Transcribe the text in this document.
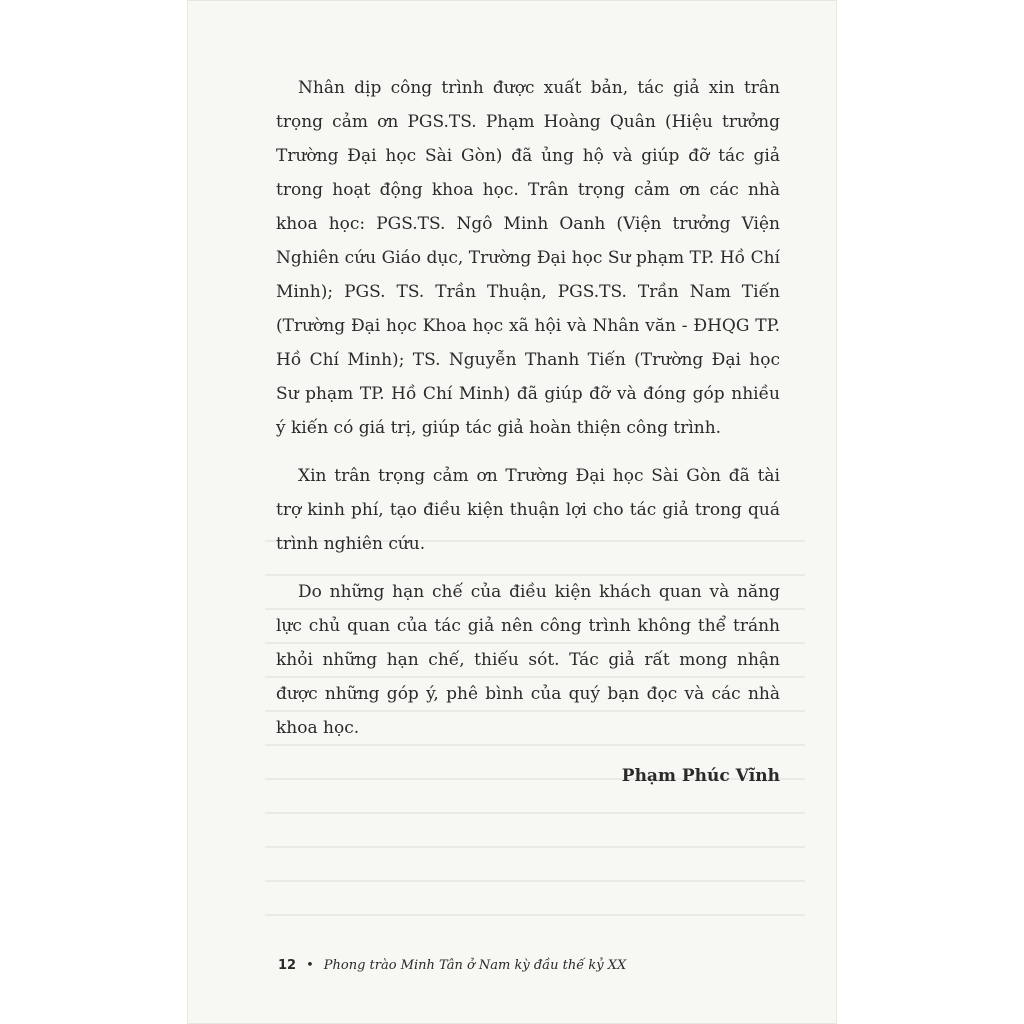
Nhân dịp công trình được xuất bản, tác giả xin trân trọng cảm ơn PGS.TS. Phạm Hoàng Quân (Hiệu trưởng Trường Đại học Sài Gòn) đã ủng hộ và giúp đỡ tác giả trong hoạt động khoa học. Trân trọng cảm ơn các nhà khoa học: PGS.TS. Ngô Minh Oanh (Viện trưởng Viện Nghiên cứu Giáo dục, Trường Đại học Sư phạm TP. Hồ Chí Minh); PGS. TS. Trần Thuận, PGS.TS. Trần Nam Tiến (Trường Đại học Khoa học xã hội và Nhân văn - ĐHQG TP. Hồ Chí Minh); TS. Nguyễn Thanh Tiến (Trường Đại học Sư phạm TP. Hồ Chí Minh) đã giúp đỡ và đóng góp nhiều ý kiến có giá trị, giúp tác giả hoàn thiện công trình.

Xin trân trọng cảm ơn Trường Đại học Sài Gòn đã tài trợ kinh phí, tạo điều kiện thuận lợi cho tác giả trong quá trình nghiên cứu.

Do những hạn chế của điều kiện khách quan và năng lực chủ quan của tác giả nên công trình không thể tránh khỏi những hạn chế, thiếu sót. Tác giả rất mong nhận được những góp ý, phê bình của quý bạn đọc và các nhà khoa học.

Phạm Phúc Vĩnh
12 • Phong trào Minh Tân ở Nam kỳ đầu thế kỷ XX
